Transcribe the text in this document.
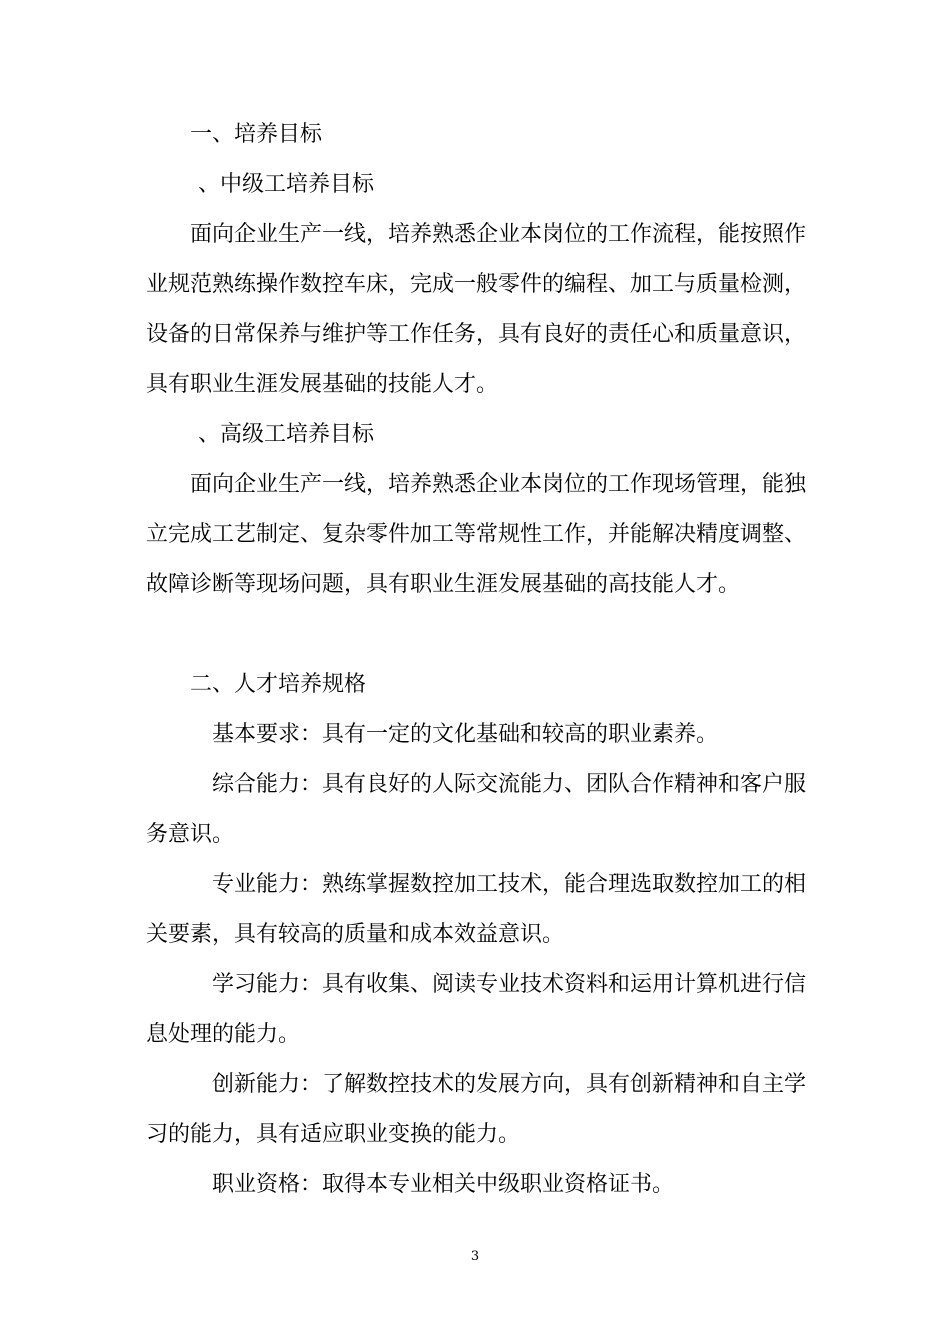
一、培养目标
、中级工培养目标
面向企业生产一线，培养熟悉企业本岗位的工作流程，能按照作
业规范熟练操作数控车床，完成一般零件的编程、加工与质量检测，
设备的日常保养与维护等工作任务，具有良好的责任心和质量意识，
具有职业生涯发展基础的技能人才。
、高级工培养目标
面向企业生产一线，培养熟悉企业本岗位的工作现场管理，能独
立完成工艺制定、复杂零件加工等常规性工作，并能解决精度调整、
故障诊断等现场问题，具有职业生涯发展基础的高技能人才。
二、人才培养规格
基本要求：具有一定的文化基础和较高的职业素养。
综合能力：具有良好的人际交流能力、团队合作精神和客户服
务意识。
专业能力：熟练掌握数控加工技术，能合理选取数控加工的相
关要素，具有较高的质量和成本效益意识。
学习能力：具有收集、阅读专业技术资料和运用计算机进行信
息处理的能力。
创新能力：了解数控技术的发展方向，具有创新精神和自主学
习的能力，具有适应职业变换的能力。
职业资格：取得本专业相关中级职业资格证书。
3
